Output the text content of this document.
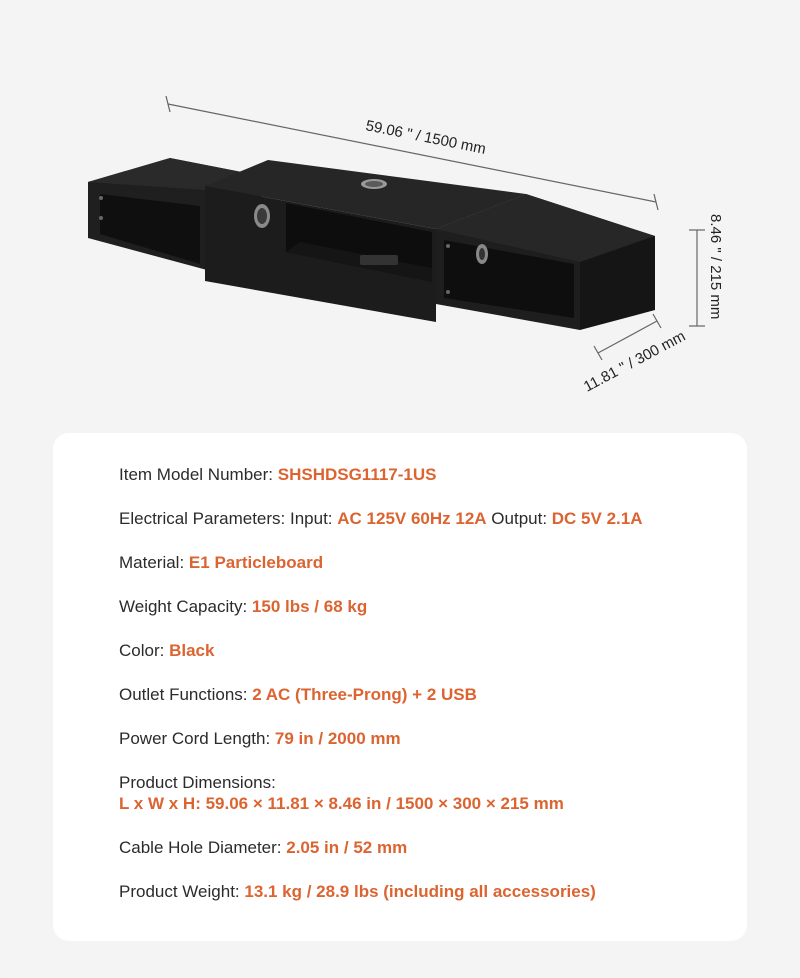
59.06 " / 1500 mm
8.46 " / 215 mm
11.81 " / 300 mm
Item Model Number: SHSHDSG1117-1US
Electrical Parameters: Input: AC 125V 60Hz 12A Output: DC 5V 2.1A
Material: E1 Particleboard
Weight Capacity: 150 lbs / 68 kg
Color: Black
Outlet Functions: 2 AC (Three-Prong) + 2 USB
Power Cord Length: 79 in / 2000 mm
Product Dimensions:
L x W x H: 59.06 × 11.81 × 8.46 in / 1500 × 300 × 215 mm
Cable Hole Diameter: 2.05 in / 52 mm
Product Weight: 13.1 kg / 28.9 lbs (including all accessories)
